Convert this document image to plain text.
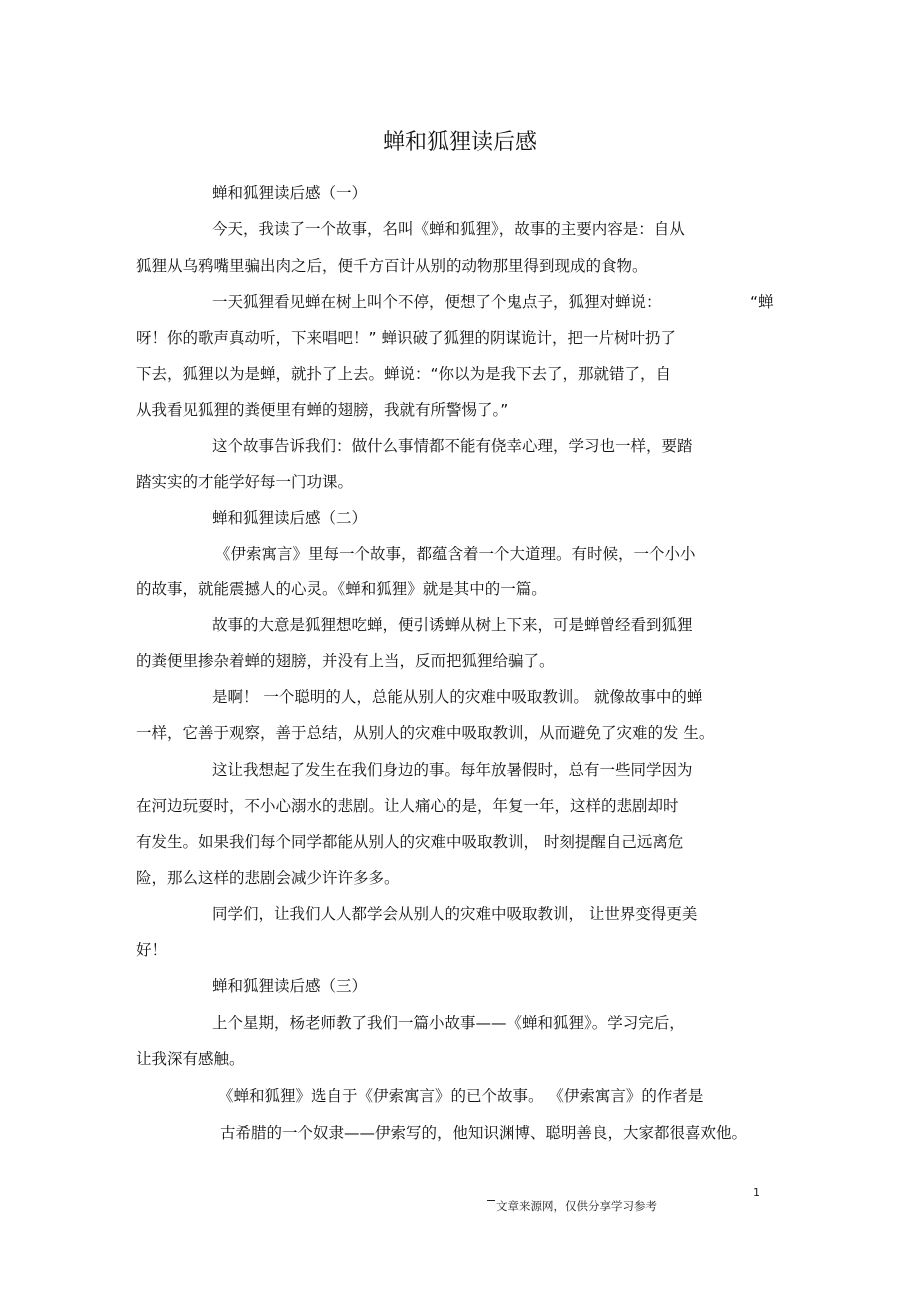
蝉和狐狸读后感
蝉和狐狸读后感（一）
今天，我读了一个故事，名叫《蝉和狐狸》，故事的主要内容是：自从
狐狸从乌鸦嘴里骗出肉之后，便千方百计从别的动物那里得到现成的食物。
一天狐狸看见蝉在树上叫个不停，便想了个鬼点子，狐狸对蝉说：	“蝉
呀！你的歌声真动听，下来唱吧！” 蝉识破了狐狸的阴谋诡计，把一片树叶扔了
下去，狐狸以为是蝉，就扑了上去。蝉说：“你以为是我下去了，那就错了，自
从我看见狐狸的粪便里有蝉的翅膀，我就有所警惕了。”
这个故事告诉我们：做什么事情都不能有侥幸心理，学习也一样，要踏
踏实实的才能学好每一门功课。
蝉和狐狸读后感（二）
《伊索寓言》里每一个故事，都蕴含着一个大道理。有时候，一个小小
的故事，就能震撼人的心灵。《蝉和狐狸》就是其中的一篇。
故事的大意是狐狸想吃蝉，便引诱蝉从树上下来，可是蝉曾经看到狐狸
的粪便里掺杂着蝉的翅膀，并没有上当，反而把狐狸给骗了。
是啊！ 一个聪明的人，总能从别人的灾难中吸取教训。 就像故事中的蝉
一样，它善于观察，善于总结，从别人的灾难中吸取教训，从而避免了灾难的发 生。
这让我想起了发生在我们身边的事。每年放暑假时，总有一些同学因为
在河边玩耍时，不小心溺水的悲剧。让人痛心的是，年复一年，这样的悲剧却时
有发生。如果我们每个同学都能从别人的灾难中吸取教训， 时刻提醒自己远离危
险，那么这样的悲剧会减少许许多多。
同学们，让我们人人都学会从别人的灾难中吸取教训， 让世界变得更美
好！
蝉和狐狸读后感（三）
上个星期，杨老师教了我们一篇小故事——《蝉和狐狸》。学习完后，
让我深有感触。
《蝉和狐狸》选自于《伊索寓言》的已个故事。 《伊索寓言》的作者是
古希腊的一个奴隶——伊索写的，他知识渊博、聪明善良，大家都很喜欢他。
1
文章来源网，仅供分享学习参考
